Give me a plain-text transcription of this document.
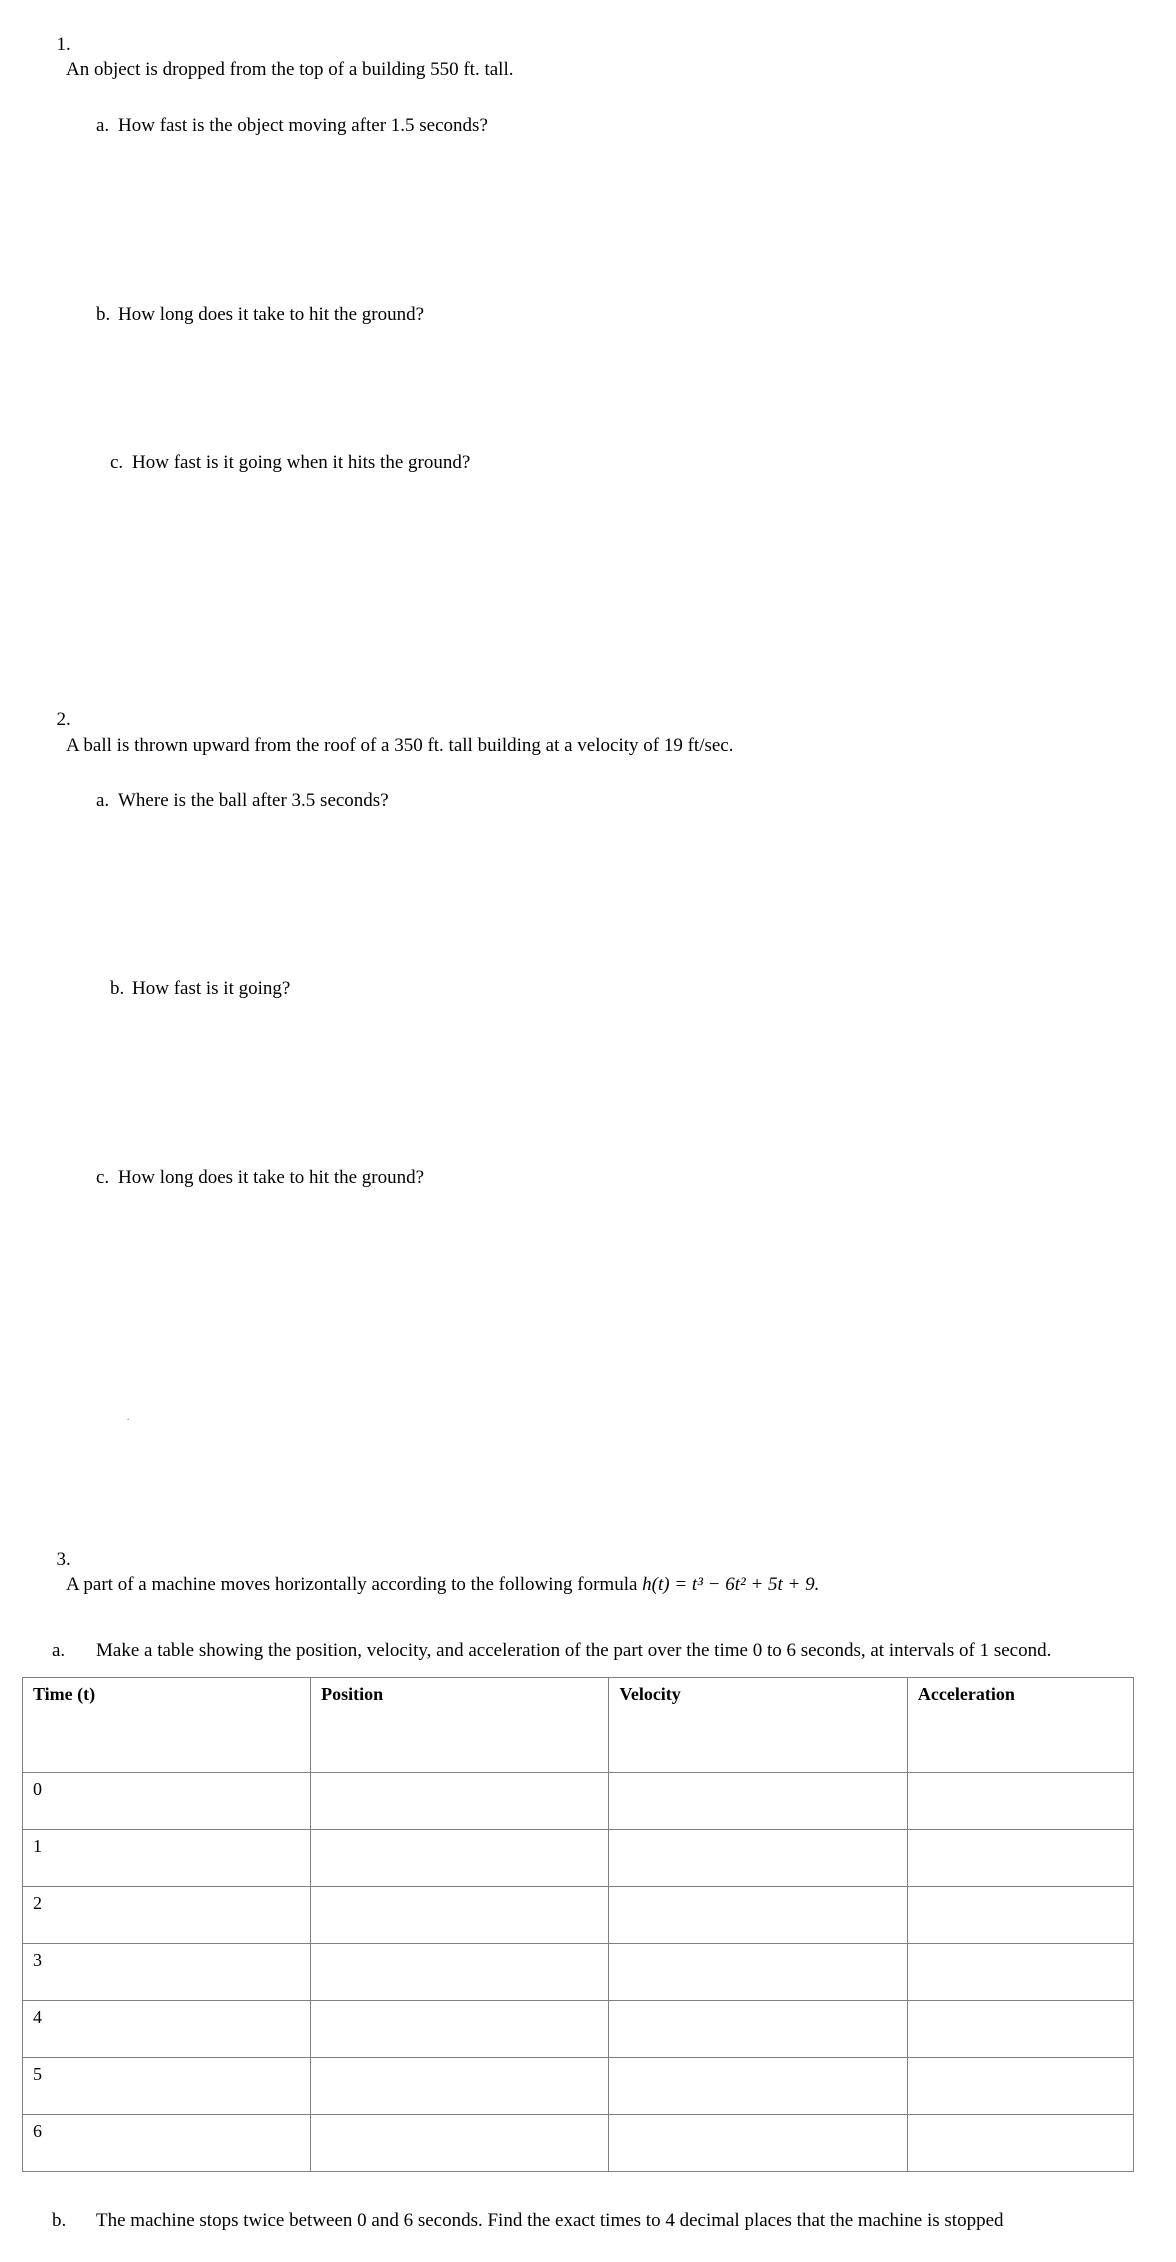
1.
An object is dropped from the top of a building 550 ft. tall.

a. How fast is the object moving after 1.5 seconds?
b. How long does it take to hit the ground?
c. How fast is it going when it hits the ground?

2.
A ball is thrown upward from the roof of a 350 ft. tall building at a velocity of 19 ft/sec.

a. Where is the ball after 3.5 seconds?
b. How fast is it going?
c. How long does it take to hit the ground?
.

3.
A part of a machine moves horizontally according to the following formula h(t) = t³ − 6t² + 5t + 9.

a. Make a table showing the position, velocity, and acceleration of the part over the time 0 to 6 seconds, at intervals of 1 second.
Time (t)	Position	Velocity	Acceleration
0			
1			
2			
3			
4			
5			
6			
b. The machine stops twice between 0 and 6 seconds. Find the exact times to 4 decimal places that the machine is stopped
